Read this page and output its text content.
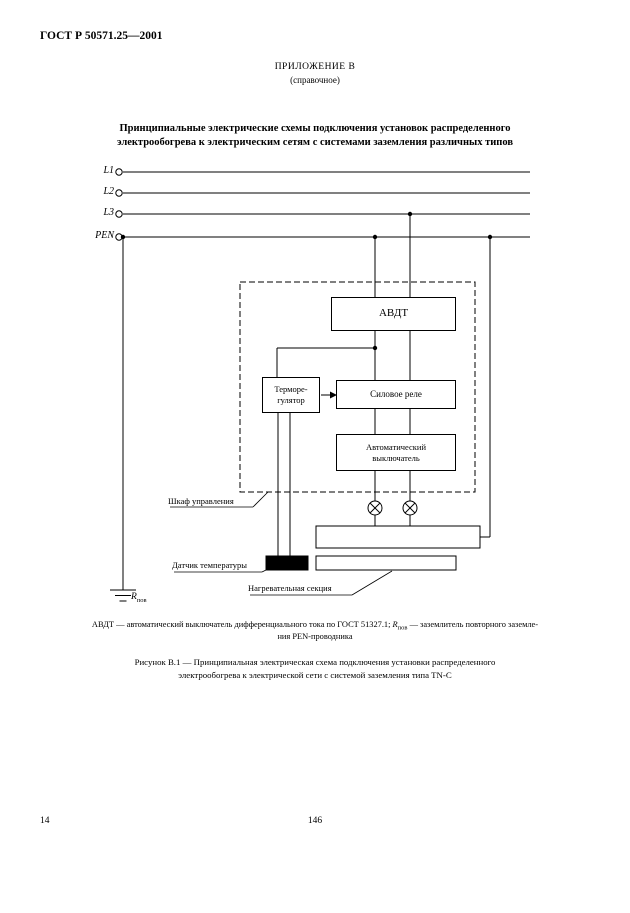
ГОСТ Р 50571.25—2001
ПРИЛОЖЕНИЕ В
(справочное)
Принципиальные электрические схемы подключения установок распределенного
электрообогрева к электрическим сетям с системами заземления различных типов
L1
L2
L3
PEN
$R_{пов}$
АВДТ
Терморе-
гулятор
Силовое реле
Автоматический
выключатель
Шкаф управления
Датчик температуры
Нагревательная секция
АВДТ — автоматический выключатель дифференциального тока по ГОСТ 51327.1; $R_{пов}$ — заземлитель повторного заземле-
ния PEN-проводника
Рисунок В.1 — Принципиальная электрическая схема подключения установки распределенного
электрообогрева к электрической сети с системой заземления типа TN-C
14	146
